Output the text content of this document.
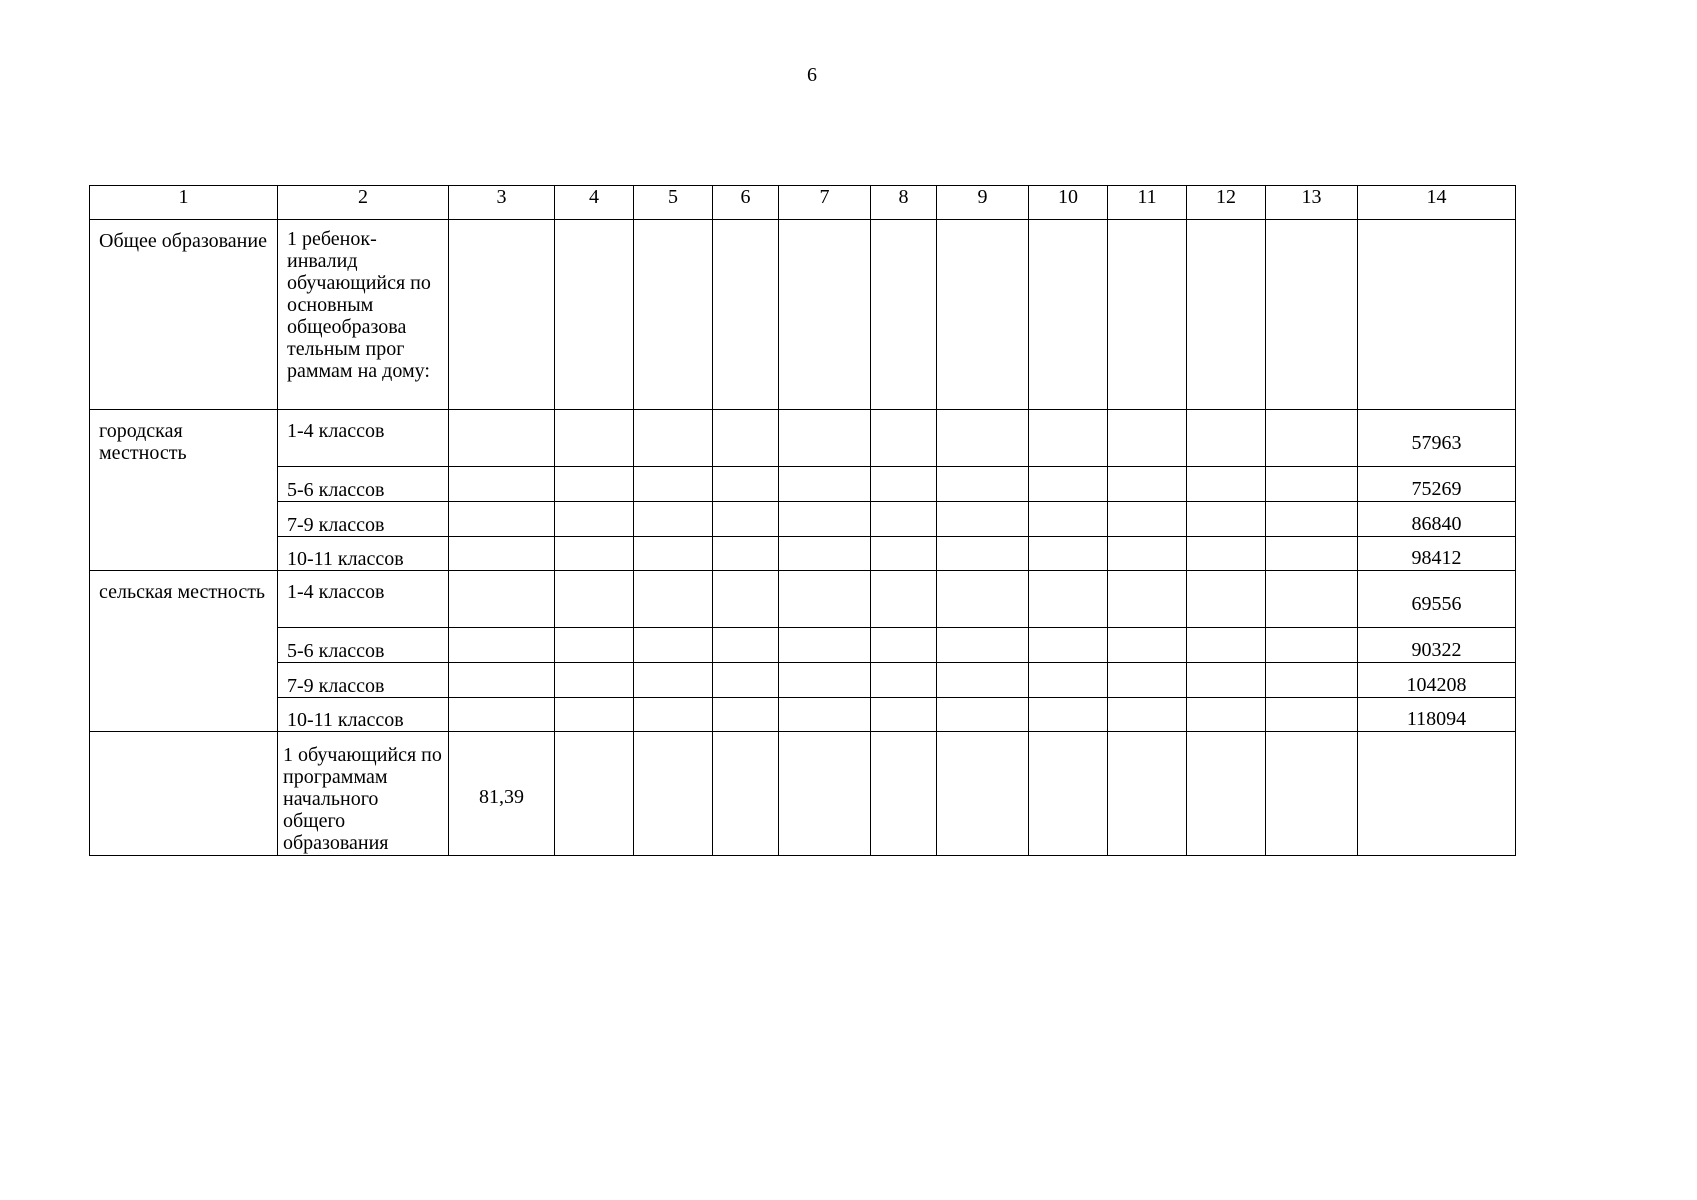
6
1	2	3	4	5	6	7	8	9	10	11	12	13	14
Общее образование	1 ребенок-инвалид обучающийся по основным общеобразова тельным прог раммам на дому:												
городская местность	1-4 классов												57963
	5-6 классов												75269
	7-9 классов												86840
	10-11 классов												98412
сельская местность	1-4 классов												69556
	5-6 классов												90322
	7-9 классов												104208
	10-11 классов												118094
	1 обучающийся по программам начального общего образования	81,39											
